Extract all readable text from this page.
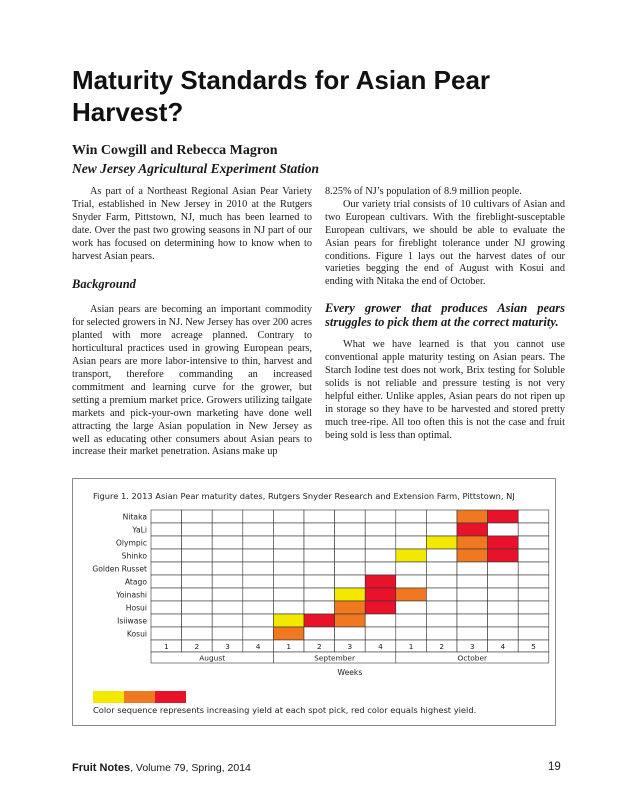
Maturity Standards for Asian Pear Harvest?

Win Cowgill and Rebecca Magron

New Jersey Agricultural Experiment Station

As part of a Northeast Regional Asian Pear Variety Trial, established in New Jersey in 2010 at the Rutgers Snyder Farm, Pittstown, NJ, much has been learned to date. Over the past two growing seasons in NJ part of our work has focused on determining how to know when to harvest Asian pears.

Background

Asian pears are becoming an important commodity for selected growers in NJ. New Jersey has over 200 acres planted with more acreage planned. Contrary to horticultural practices used in growing European pears, Asian pears are more labor-intensive to thin, harvest and transport, therefore commanding an increased commitment and learning curve for the grower, but setting a premium market price. Growers utilizing tailgate markets and pick-your-own marketing have done well attracting the large Asian population in New Jersey as well as educating other consumers about Asian pears to increase their market penetration. Asians make up

8.25% of NJ’s population of 8.9 million people.

Our variety trial consists of 10 cultivars of Asian and two European cultivars. With the fireblight-susceptable European cultivars, we should be able to evaluate the Asian pears for fireblight tolerance under NJ growing conditions. Figure 1 lays out the harvest dates of our varieties begging the end of August with Kosui and ending with Nitaka the end of October.

Every grower that produces Asian pears struggles to pick them at the correct maturity.

What we have learned is that you cannot use conventional apple maturity testing on Asian pears. The Starch Iodine test does not work, Brix testing for Soluble solids is not reliable and pressure testing is not very helpful either. Unlike apples, Asian pears do not ripen up in storage so they have to be harvested and stored pretty much tree-ripe. All too often this is not the case and fruit being sold is less than optimal.

Figure 1. 2013 Asian Pear maturity dates, Rutgers Snyder Research and Extension Farm, Pittstown, NJ
Nitaka
YaLi
Olympic
Shinko
Golden Russet
Atago
Yoinashi
Hosui
Isiiwase
Kosui
1	2	3	4	1	2	3	4	1	2	3	4	5
August	September	October
Weeks
Color sequence represents increasing yield at each spot pick, red color equals highest yield.
Fruit Notes, Volume 79, Spring, 2014	19
